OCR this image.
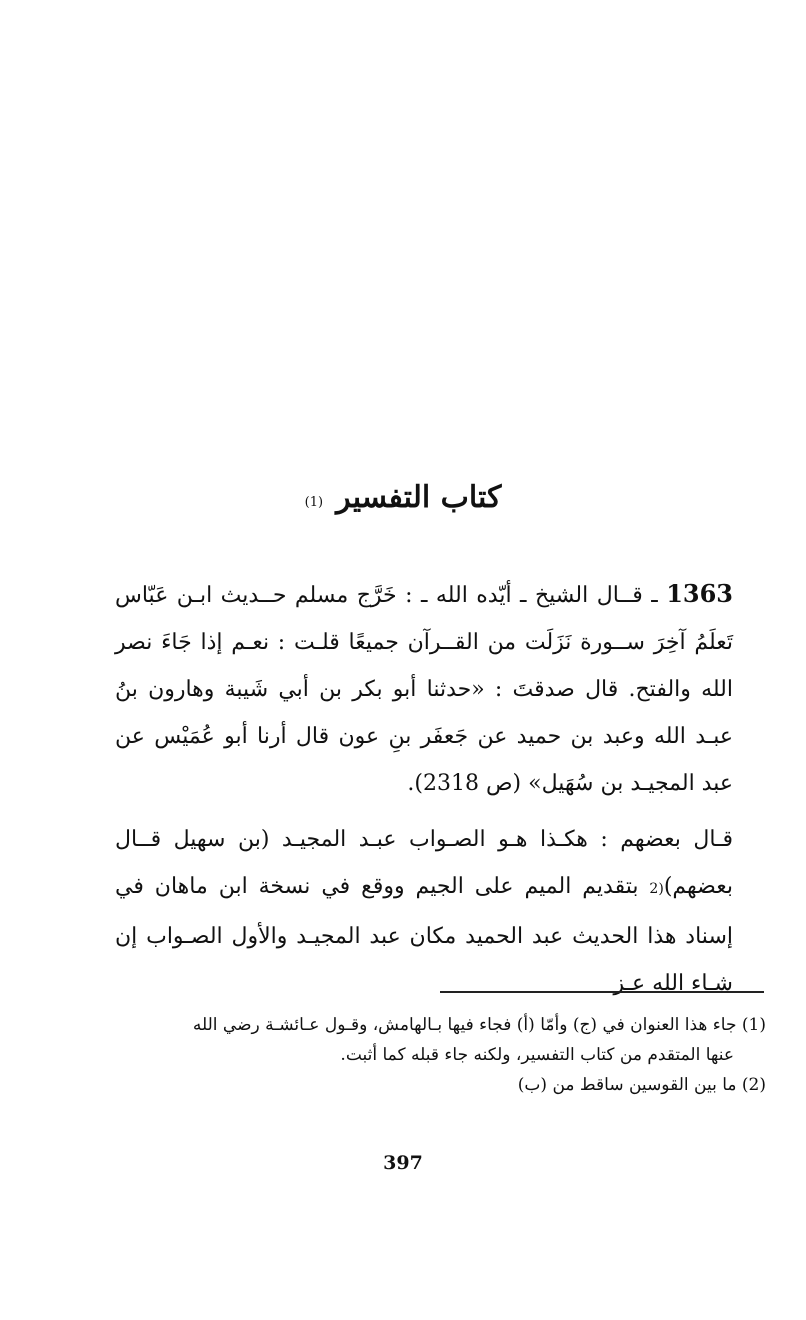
كتاب التفسير (1)
1363 ـ قــال الشيخ ـ أيّده الله ـ : خَرَّج مسلم حــديث ابـن عَبّاس تَعلَمُ آخِرَ ســورة نَزَلَت من القــرآن جميعًا قلـت : نعـم إذا جَاءَ نصر الله والفتح. قال صدقتَ : «حدثنا أبو بكر بن أبي شَيبة وهارون بنُ عبـد الله وعبد بن حميد عن جَعفَر بنِ عون قال أرنا أبو عُمَيْس عن عبد المجيـد بن سُهَيل» (ص 2318).
قـال بعضهم : هكـذا هـو الصـواب عبـد المجيـد (بن سهيل قــال بعضهم)(2 بتقديم الميم على الجيم ووقع في نسخة ابن ماهان في إسناد هذا الحديث عبد الحميد مكان عبد المجيـد والأول الصـواب إن شـاء الله عـز

(1) جاء هذا العنوان في (ج) وأمّا (أ) فجاء فيها بـالهامش، وقـول عـائشـة رضي الله

عنها المتقدم من كتاب التفسير، ولكنه جاء قبله كما أثبت.

(2) ما بين القوسين ساقط من (ب)

397
